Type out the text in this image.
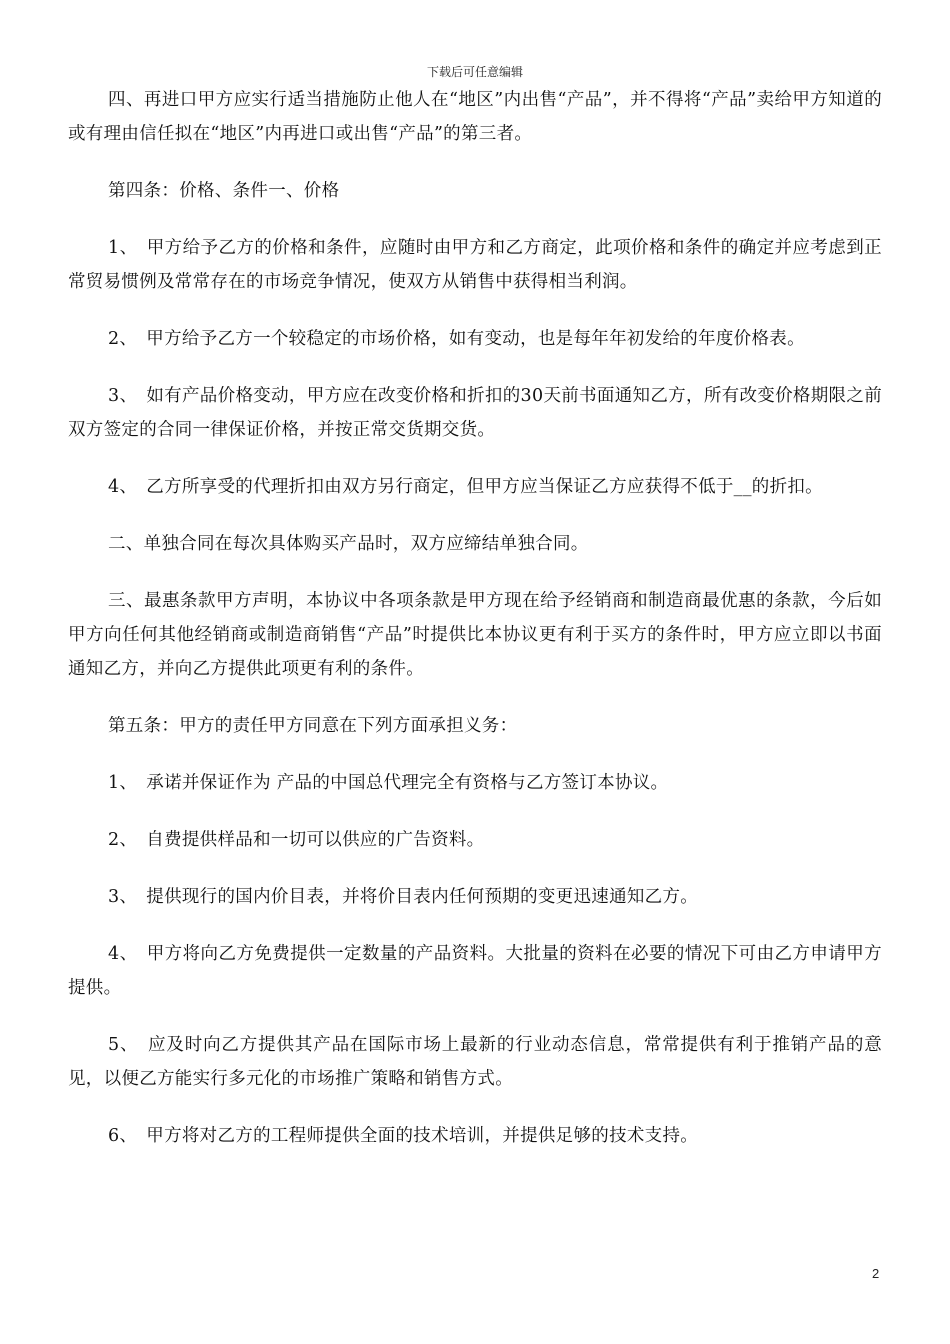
下载后可任意编辑

四、再进口甲方应实行适当措施防止他人在“地区”内出售“产品”，并不得将“产品”卖给甲方知道的或有理由信任拟在“地区”内再进口或出售“产品”的第三者。

第四条：价格、条件一、价格

1、　甲方给予乙方的价格和条件，应随时由甲方和乙方商定，此项价格和条件的确定并应考虑到正常贸易惯例及常常存在的市场竞争情况，使双方从销售中获得相当利润。

2、　甲方给予乙方一个较稳定的市场价格，如有变动，也是每年年初发给的年度价格表。

3、　如有产品价格变动，甲方应在改变价格和折扣的30天前书面通知乙方，所有改变价格期限之前双方签定的合同一律保证价格，并按正常交货期交货。

4、　乙方所享受的代理折扣由双方另行商定，但甲方应当保证乙方应获得不低于__的折扣。

二、单独合同在每次具体购买产品时，双方应缔结单独合同。

三、最惠条款甲方声明，本协议中各项条款是甲方现在给予经销商和制造商最优惠的条款，今后如甲方向任何其他经销商或制造商销售“产品”时提供比本协议更有利于买方的条件时，甲方应立即以书面通知乙方，并向乙方提供此项更有利的条件。

第五条：甲方的责任甲方同意在下列方面承担义务：

1、　承诺并保证作为 产品的中国总代理完全有资格与乙方签订本协议。

2、　自费提供样品和一切可以供应的广告资料。

3、　提供现行的国内价目表，并将价目表内任何预期的变更迅速通知乙方。

4、　甲方将向乙方免费提供一定数量的产品资料。大批量的资料在必要的情况下可由乙方申请甲方提供。

5、　应及时向乙方提供其产品在国际市场上最新的行业动态信息，常常提供有利于推销产品的意见，以便乙方能实行多元化的市场推广策略和销售方式。

6、　甲方将对乙方的工程师提供全面的技术培训，并提供足够的技术支持。

2
